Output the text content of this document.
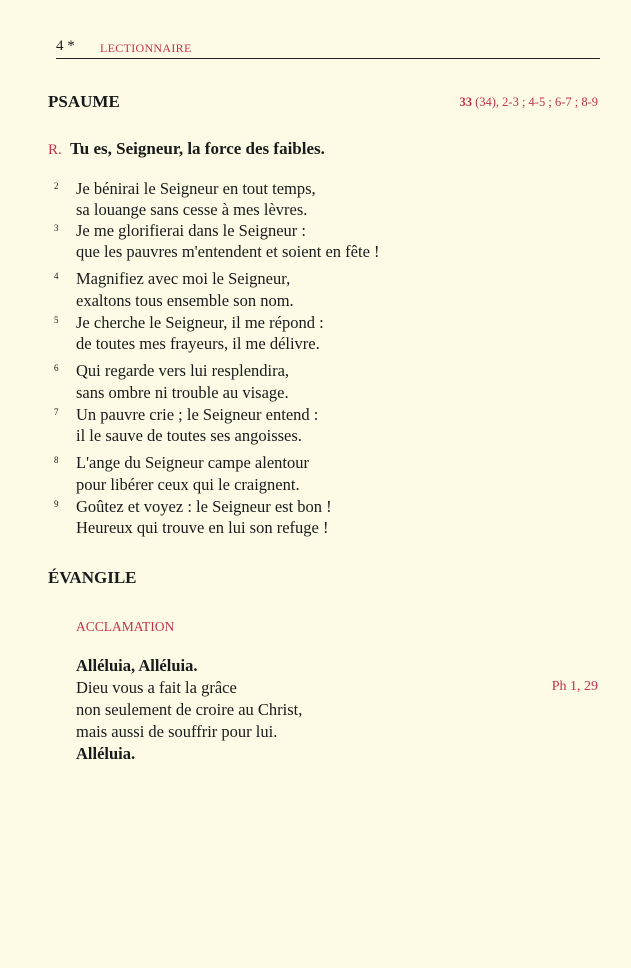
4 * LECTIONNAIRE
PSAUME	33 (34), 2-3 ; 4-5 ; 6-7 ; 8-9
R. Tu es, Seigneur, la force des faibles.
2 Je bénirai le Seigneur en tout temps,
sa louange sans cesse à mes lèvres.
3 Je me glorifierai dans le Seigneur :
que les pauvres m'entendent et soient en fête !
4 Magnifiez avec moi le Seigneur,
exaltons tous ensemble son nom.
5 Je cherche le Seigneur, il me répond :
de toutes mes frayeurs, il me délivre.
6 Qui regarde vers lui resplendira,
sans ombre ni trouble au visage.
7 Un pauvre crie ; le Seigneur entend :
il le sauve de toutes ses angoisses.
8 L'ange du Seigneur campe alentour
pour libérer ceux qui le craignent.
9 Goûtez et voyez : le Seigneur est bon !
Heureux qui trouve en lui son refuge !
ÉVANGILE
ACCLAMATION
Alléluia, Alléluia.
Dieu vous a fait la grâce
non seulement de croire au Christ,
mais aussi de souffrir pour lui.
Alléluia.
Ph 1, 29
